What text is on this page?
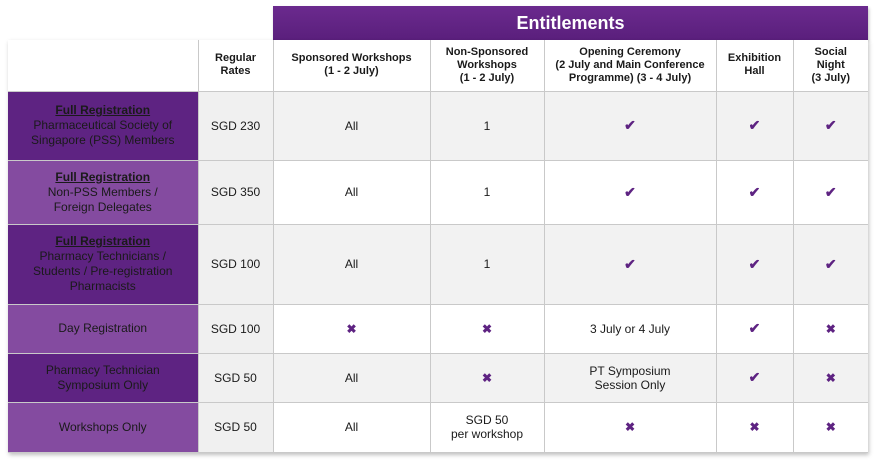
Entitlements

	Regular Rates	Sponsored Workshops
(1 - 2 July)	Non-Sponsored
Workshops
(1 - 2 July)	Opening Ceremony
(2 July and Main Conference
Programme) (3 - 4 July)	Exhibition
Hall	Social
Night
(3 July)

Full Registration
Pharmaceutical Society of
Singapore (PSS) Members	SGD 230	All	1	✔	✔	✔

Full Registration
Non-PSS Members /
Foreign Delegates	SGD 350	All	1	✔	✔	✔

Full Registration
Pharmacy Technicians /
Students / Pre-registration
Pharmacists	SGD 100	All	1	✔	✔	✔

Day Registration	SGD 100	✖	✖	3 July or 4 July	✔	✖

Pharmacy Technician
Symposium Only	SGD 50	All	✖	PT Symposium
Session Only	✔	✖

Workshops Only	SGD 50	All	SGD 50
per workshop	✖	✖	✖
